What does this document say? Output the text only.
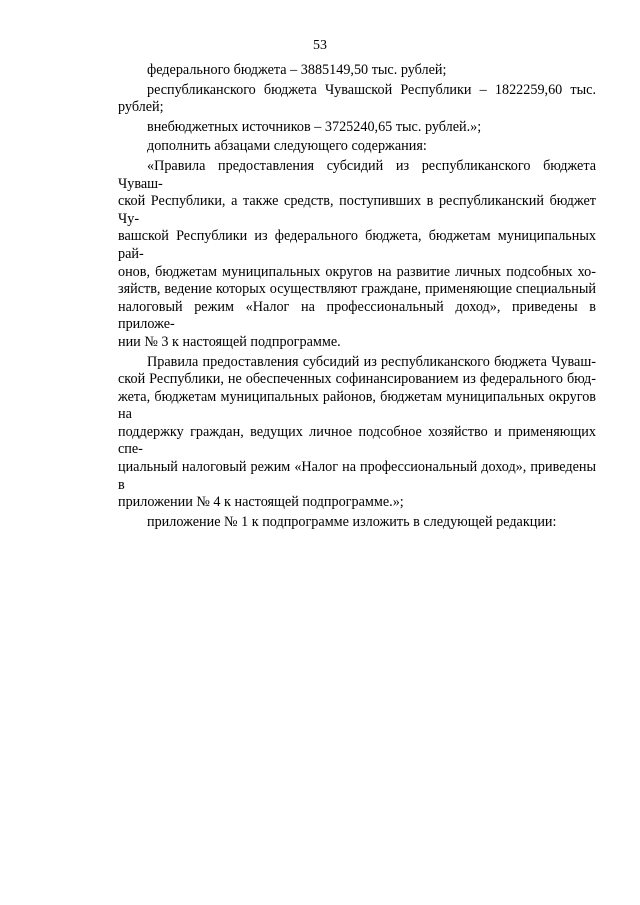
53

федерального бюджета – 3885149,50 тыс. рублей;

республиканского бюджета Чувашской Республики – 1822259,60 тыс.
рублей;

внебюджетных источников – 3725240,65 тыс. рублей.»;

дополнить абзацами следующего содержания:

«Правила предоставления субсидий из республиканского бюджета Чуваш-
ской Республики, а также средств, поступивших в республиканский бюджет Чу-
вашской Республики из федерального бюджета, бюджетам муниципальных рай-
онов, бюджетам муниципальных округов на развитие личных подсобных хо-
зяйств, ведение которых осуществляют граждане, применяющие специальный
налоговый режим «Налог на профессиональный доход», приведены в приложе-
нии № 3 к настоящей подпрограмме.

Правила предоставления субсидий из республиканского бюджета Чуваш-
ской Республики, не обеспеченных софинансированием из федерального бюд-
жета, бюджетам муниципальных районов, бюджетам муниципальных округов на
поддержку граждан, ведущих личное подсобное хозяйство и применяющих спе-
циальный налоговый режим «Налог на профессиональный доход», приведены в
приложении № 4 к настоящей подпрограмме.»;

приложение № 1 к подпрограмме изложить в следующей редакции:
